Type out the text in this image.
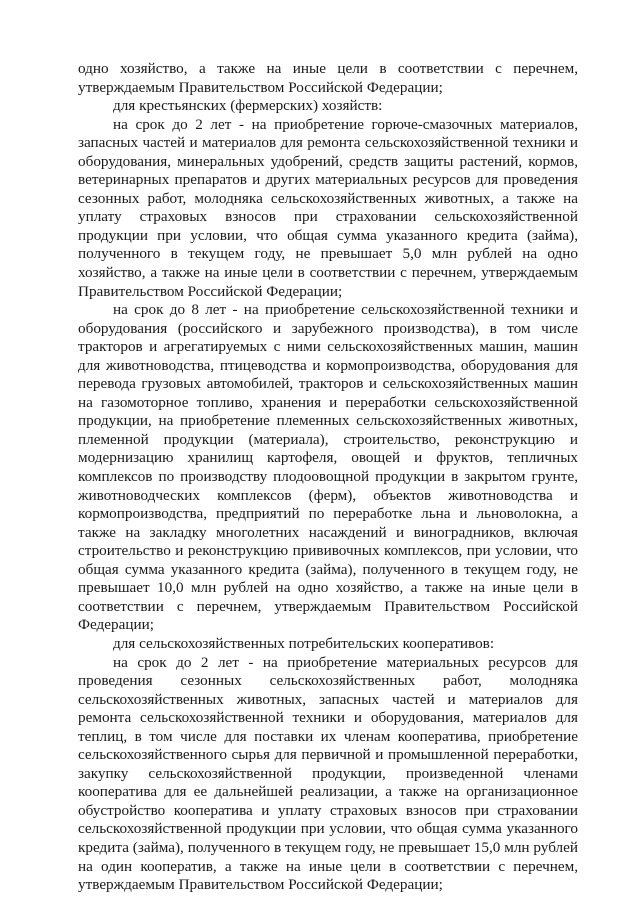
одно хозяйство, а также на иные цели в соответствии с перечнем, утверждаемым Правительством Российской Федерации;

для крестьянских (фермерских) хозяйств:

на срок до 2 лет - на приобретение горюче-смазочных материалов, запасных частей и материалов для ремонта сельскохозяйственной техники и оборудования, минеральных удобрений, средств защиты растений, кормов, ветеринарных препаратов и других материальных ресурсов для проведения сезонных работ, молодняка сельскохозяйственных животных, а также на уплату страховых взносов при страховании сельскохозяйственной продукции при условии, что общая сумма указанного кредита (займа), полученного в текущем году, не превышает 5,0 млн рублей на одно хозяйство, а также на иные цели в соответствии с перечнем, утверждаемым Правительством Российской Федерации;

на срок до 8 лет - на приобретение сельскохозяйственной техники и оборудования (российского и зарубежного производства), в том числе тракторов и агрегатируемых с ними сельскохозяйственных машин, машин для животноводства, птицеводства и кормопроизводства, оборудования для перевода грузовых автомобилей, тракторов и сельскохозяйственных машин на газомоторное топливо, хранения и переработки сельскохозяйственной продукции, на приобретение племенных сельскохозяйственных животных, племенной продукции (материала), строительство, реконструкцию и модернизацию хранилищ картофеля, овощей и фруктов, тепличных комплексов по производству плодоовощной продукции в закрытом грунте, животноводческих комплексов (ферм), объектов животноводства и кормопроизводства, предприятий по переработке льна и льноволокна, а также на закладку многолетних насаждений и виноградников, включая строительство и реконструкцию прививочных комплексов, при условии, что общая сумма указанного кредита (займа), полученного в текущем году, не превышает 10,0 млн рублей на одно хозяйство, а также на иные цели в соответствии с перечнем, утверждаемым Правительством Российской Федерации;

для сельскохозяйственных потребительских кооперативов:

на срок до 2 лет - на приобретение материальных ресурсов для проведения сезонных сельскохозяйственных работ, молодняка сельскохозяйственных животных, запасных частей и материалов для ремонта сельскохозяйственной техники и оборудования, материалов для теплиц, в том числе для поставки их членам кооператива, приобретение сельскохозяйственного сырья для первичной и промышленной переработки, закупку сельскохозяйственной продукции, произведенной членами кооператива для ее дальнейшей реализации, а также на организационное обустройство кооператива и уплату страховых взносов при страховании сельскохозяйственной продукции при условии, что общая сумма указанного кредита (займа), полученного в текущем году, не превышает 15,0 млн рублей на один кооператив, а также на иные цели в соответствии с перечнем, утверждаемым Правительством Российской Федерации;
